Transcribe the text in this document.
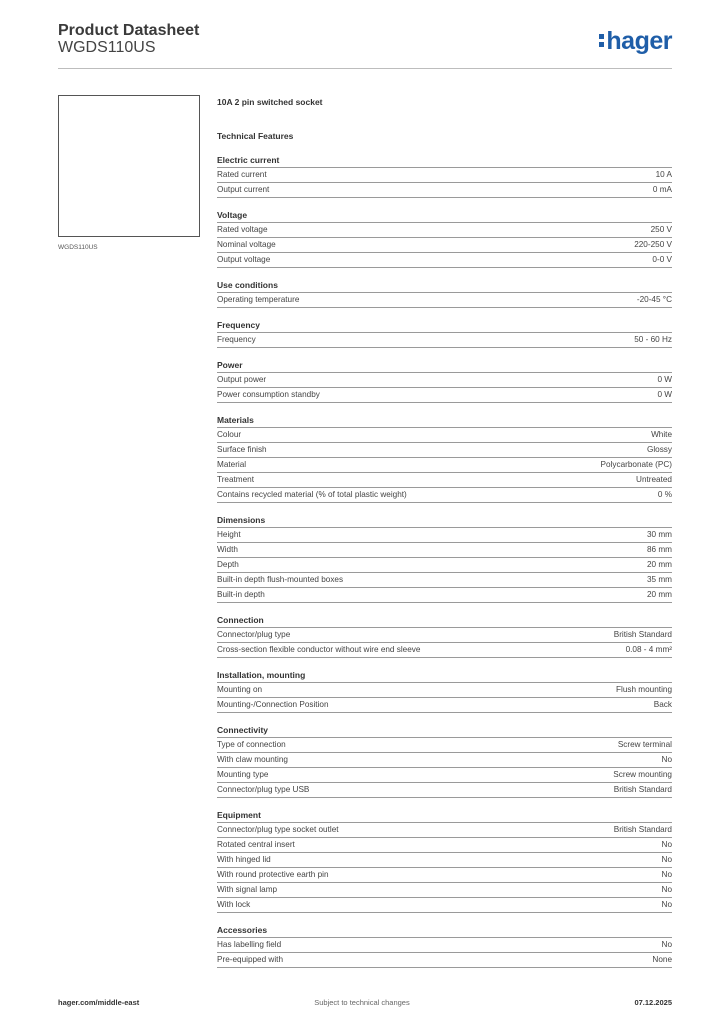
Product Datasheet
WGDS110US	hager
WGDS110US
10A 2 pin switched socket
Technical Features
Electric current
Rated current	10 A
Output current	0 mA
Voltage
Rated voltage	250 V
Nominal voltage	220-250 V
Output voltage	0-0 V
Use conditions
Operating temperature	-20-45 °C
Frequency
Frequency	50 - 60 Hz
Power
Output power	0 W
Power consumption standby	0 W
Materials
Colour	White
Surface finish	Glossy
Material	Polycarbonate (PC)
Treatment	Untreated
Contains recycled material (% of total plastic weight)	0 %
Dimensions
Height	30 mm
Width	86 mm
Depth	20 mm
Built-in depth flush-mounted boxes	35 mm
Built-in depth	20 mm
Connection
Connector/plug type	British Standard
Cross-section flexible conductor without wire end sleeve	0.08 - 4 mm²
Installation, mounting
Mounting on	Flush mounting
Mounting-/Connection Position	Back
Connectivity
Type of connection	Screw terminal
With claw mounting	No
Mounting type	Screw mounting
Connector/plug type USB	British Standard
Equipment
Connector/plug type socket outlet	British Standard
Rotated central insert	No
With hinged lid	No
With round protective earth pin	No
With signal lamp	No
With lock	No
Accessories
Has labelling field	No
Pre-equipped with	None
hager.com/middle-east	Subject to technical changes	07.12.2025
